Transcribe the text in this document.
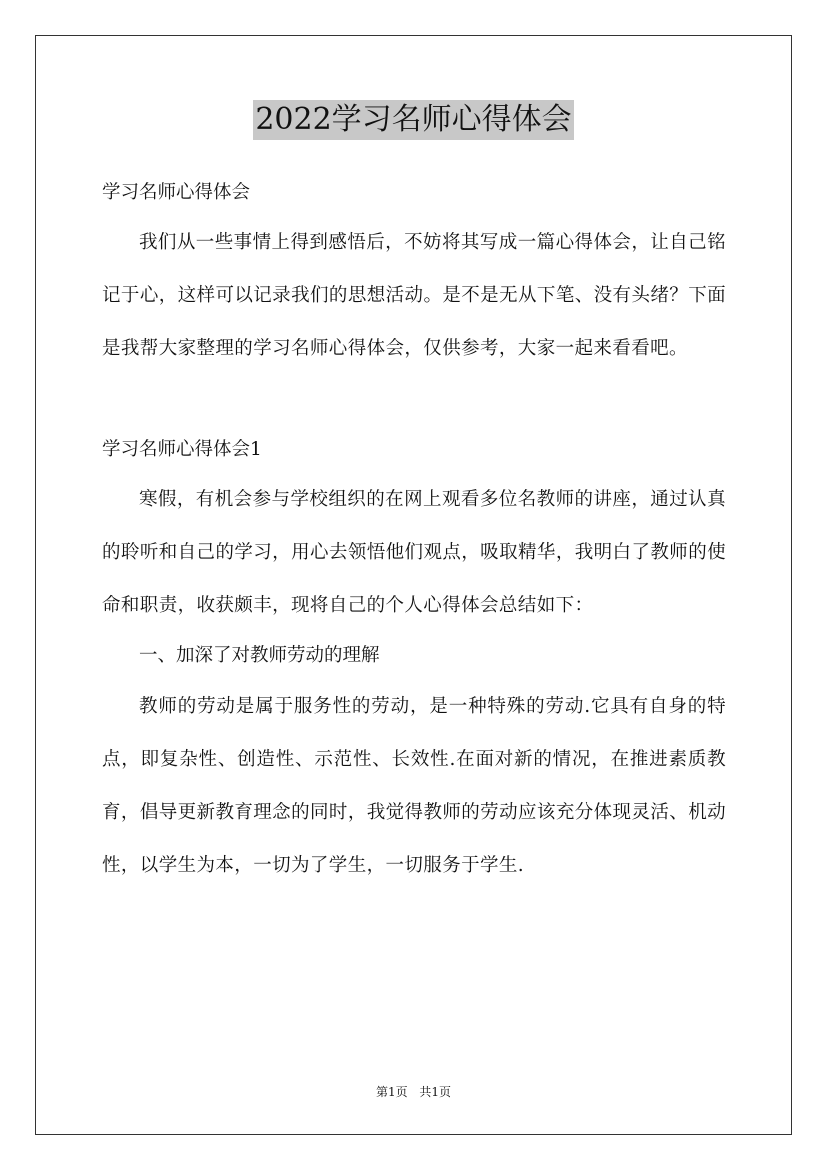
2022学习名师心得体会

学习名师心得体会

我们从一些事情上得到感悟后，不妨将其写成一篇心得体会，让自己铭记于心，这样可以记录我们的思想活动。是不是无从下笔、没有头绪？下面是我帮大家整理的学习名师心得体会，仅供参考，大家一起来看看吧。

学习名师心得体会1

寒假，有机会参与学校组织的在网上观看多位名教师的讲座，通过认真的聆听和自己的学习，用心去领悟他们观点，吸取精华，我明白了教师的使命和职责，收获颇丰，现将自己的个人心得体会总结如下：

一、加深了对教师劳动的理解

教师的劳动是属于服务性的劳动，是一种特殊的劳动.它具有自身的特点，即复杂性、创造性、示范性、长效性.在面对新的情况，在推进素质教育，倡导更新教育理念的同时，我觉得教师的劳动应该充分体现灵活、机动性，以学生为本，一切为了学生，一切服务于学生.

第1页 共1页
